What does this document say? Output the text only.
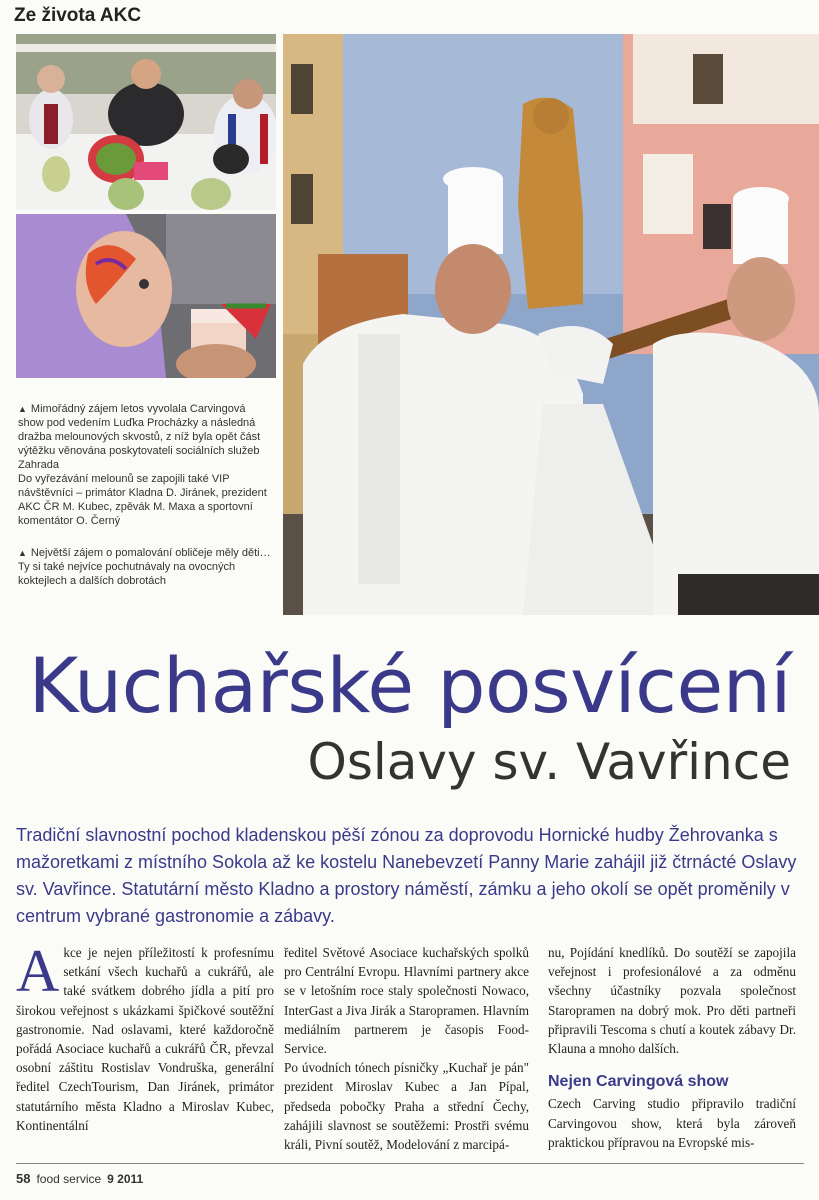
Ze života AKC

▲ Mimořádný zájem letos vyvolala Carvingová show pod vedením Luďka Procházky a následná dražba melounových skvostů, z níž byla opět část výtěžku věnována poskytovateli sociálních služeb Zahrada

Do vyřezávání melounů se zapojili také VIP návštěvníci – primátor Kladna D. Jiránek, prezident AKC ČR M. Kubec, zpěvák M. Maxa a sportovní komentátor O. Černý

▲ Největší zájem o pomalování obličeje měly děti… Ty si také nejvíce pochutnávaly na ovocných koktejlech a dalších dobrotách

Kuchařské posvícení
Oslavy sv. Vavřince
Tradiční slavnostní pochod kladenskou pěší zónou za doprovodu Hornické hudby Žehrovanka s mažoretkami z místního Sokola až ke kostelu Nanebevzetí Panny Marie zahájil již čtrnácté Oslavy sv. Vavřince. Statutární město Kladno a prostory náměstí, zámku a jeho okolí se opět proměnily v centrum vybrané gastronomie a zábavy.

Akce je nejen příležitostí k profesnímu setkání všech kuchařů a cukrářů, ale také svátkem dobrého jídla a pití pro širokou veřejnost s ukázkami špičkové soutěžní gastronomie. Nad oslavami, které každoročně pořádá Asociace kuchařů a cukrářů ČR, převzal osobní záštitu Rostislav Vondruška, generální ředitel CzechTourism, Dan Jiránek, primátor statutárního města Kladno a Miroslav Kubec, Kontinentální

ředitel Světové Asociace kuchařských spolků pro Centrální Evropu. Hlavními partnery akce se v letošním roce staly společnosti Nowaco, InterGast a Jiva Jirák a Staropramen. Hlavním mediálním partnerem je časopis Food-Service.

Po úvodních tónech písničky „Kuchař je pán" prezident Miroslav Kubec a Jan Pípal, předseda pobočky Praha a střední Čechy, zahájili slavnost se soutěžemi: Prostři svému králi, Pivní soutěž, Modelování z marcipá-

nu, Pojídání knedlíků. Do soutěží se zapojila veřejnost i profesionálové a za odměnu všechny účastníky pozvala společnost Staropramen na dobrý mok. Pro děti partneři připravili Tescoma s chutí a koutek zábavy Dr. Klauna a mnoho dalších.

Nejen Carvingová show

Czech Carving studio připravilo tradiční Carvingovou show, která byla zároveň praktickou přípravou na Evropské mis-

58 food service 9 2011
